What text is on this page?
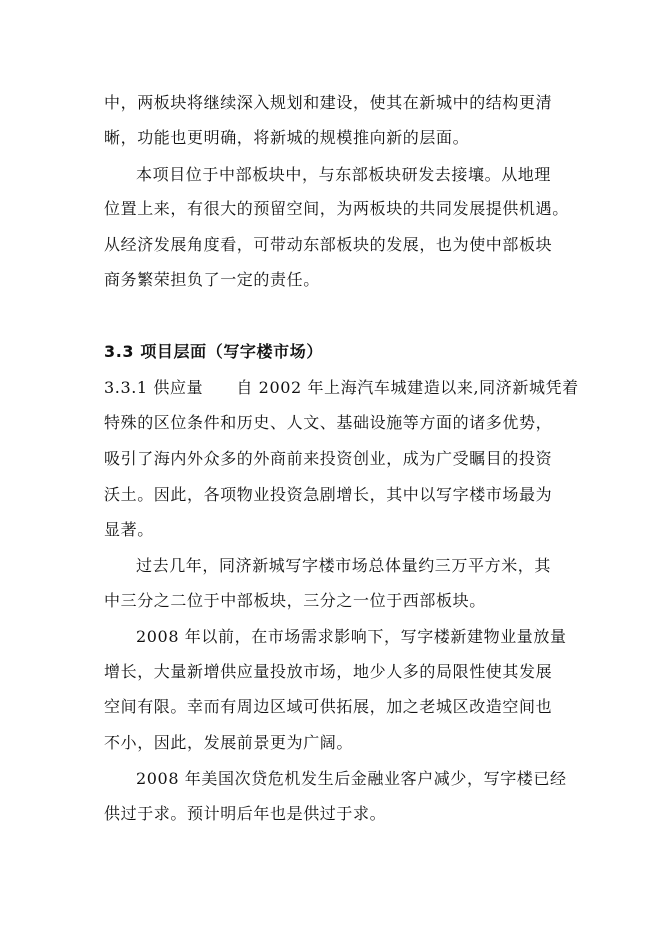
中，两板块将继续深入规划和建设，使其在新城中的结构更清
晰，功能也更明确，将新城的规模推向新的层面。
本项目位于中部板块中，与东部板块研发去接壤。从地理
位置上来，有很大的预留空间，为两板块的共同发展提供机遇。
从经济发展角度看，可带动东部板块的发展，也为使中部板块
商务繁荣担负了一定的责任。
3.3 项目层面（写字楼市场）
3.3.1 供应量　　自 2002 年上海汽车城建造以来,同济新城凭着
特殊的区位条件和历史、人文、基础设施等方面的诸多优势，
吸引了海内外众多的外商前来投资创业，成为广受瞩目的投资
沃土。因此，各项物业投资急剧增长，其中以写字楼市场最为
显著。
过去几年，同济新城写字楼市场总体量约三万平方米，其
中三分之二位于中部板块，三分之一位于西部板块。
2008 年以前，在市场需求影响下，写字楼新建物业量放量
增长，大量新增供应量投放市场，地少人多的局限性使其发展
空间有限。幸而有周边区域可供拓展，加之老城区改造空间也
不小，因此，发展前景更为广阔。
2008 年美国次贷危机发生后金融业客户减少，写字楼已经
供过于求。预计明后年也是供过于求。
